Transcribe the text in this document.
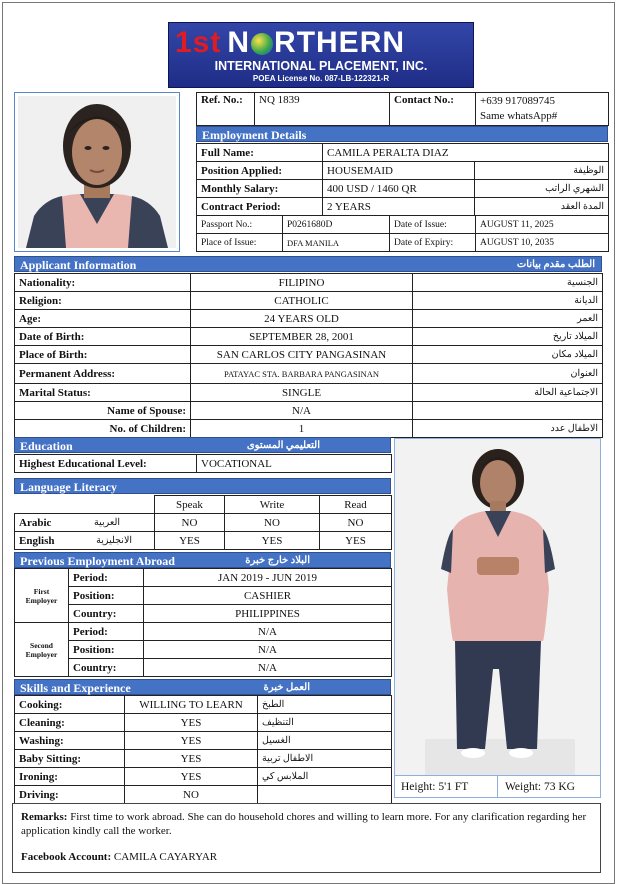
1st N RTHERN
INTERNATIONAL PLACEMENT, INC.
POEA License No. 087-LB-122321-R
Ref. No.:	NQ 1839	Contact No.:	+639 917089745
Same whatsApp#
Employment Details
Full Name:	CAMILA PERALTA DIAZ	
Position Applied:	HOUSEMAID	الوظيفة
Monthly Salary:	400 USD / 1460 QR	الشهري الراتب
Contract Period:	2 YEARS	المدة العقد
Passport No.:	P0261680D	Date of Issue:	AUGUST 11, 2025
Place of Issue:	DFA MANILA	Date of Expiry:	AUGUST 10, 2035
Applicant Information	الطلب مقدم بيانات
Nationality:	FILIPINO	الجنسية
Religion:	CATHOLIC	الديانة
Age:	24 YEARS OLD	العمر
Date of Birth:	SEPTEMBER 28, 2001	الميلاد تاريخ
Place of Birth:	SAN CARLOS CITY PANGASINAN	الميلاد مكان
Permanent Address:	PATAYAC STA. BARBARA PANGASINAN	العنوان
Marital Status:	SINGLE	الاجتماعية الحالة
Name of Spouse:	N/A	
No. of Children:	1	الاطفال عدد
Education	التعليمي المستوى
Highest Educational Level:	VOCATIONAL
Language Literacy
	Speak	Write	Read
Arabic العربية	NO	NO	NO
English الانجليزية	YES	YES	YES
Previous Employment Abroad	البلاد خارج خبرة
First Employer	Period:	JAN 2019 - JUN 2019
	Position:	CASHIER
	Country:	PHILIPPINES
Second Employer	Period:	N/A
	Position:	N/A
	Country:	N/A
Skills and Experience	العمل خبرة
Cooking:	WILLING TO LEARN	الطبخ
Cleaning:	YES	التنظيف
Washing:	YES	الغسيل
Baby Sitting:	YES	الاطفال تربية
Ironing:	YES	الملابس كي
Driving:	NO	
Height: 5'1 FT	Weight: 73 KG
Remarks: First time to work abroad. She can do household chores and willing to learn more. For any clarification regarding her application kindly call the worker.
Facebook Account: CAMILA CAYARYAR
